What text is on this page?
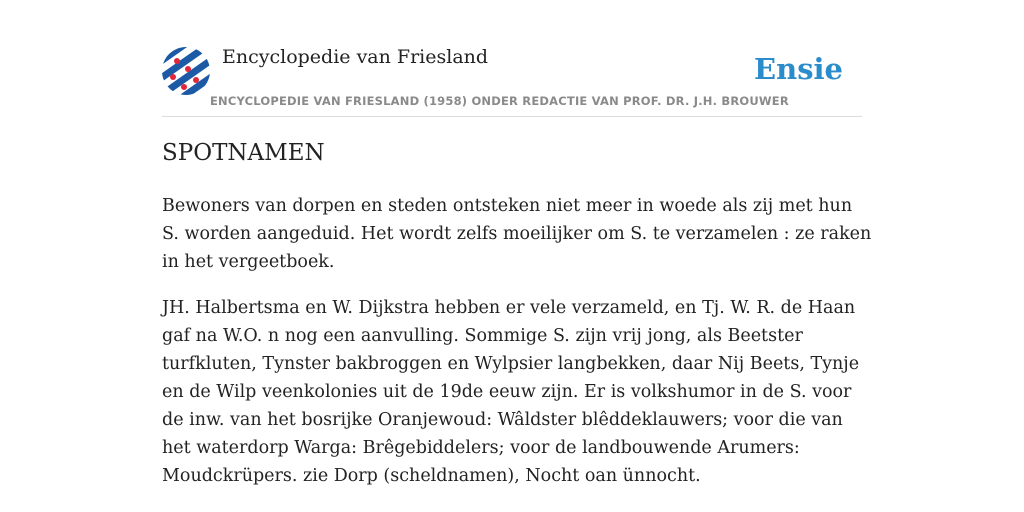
Encyclopedie van Friesland
ENCYCLOPEDIE VAN FRIESLAND (1958) ONDER REDACTIE VAN PROF. DR. J.H. BROUWER
Ensie
SPOTNAMEN

Bewoners van dorpen en steden ontsteken niet meer in woede als zij met hun S. worden aangeduid. Het wordt zelfs moeilijker om S. te verzamelen : ze raken in het vergeetboek.

JH. Halbertsma en W. Dijkstra hebben er vele verzameld, en Tj. W. R. de Haan gaf na W.O. n nog een aanvulling. Sommige S. zijn vrij jong, als Beetster turfkluten, Tynster bakbroggen en Wylpsier langbekken, daar Nij Beets, Tynje en de Wilp veenkolonies uit de 19de eeuw zijn. Er is volkshumor in de S. voor de inw. van het bosrijke Oranjewoud: Wâldster blêddeklauwers; voor die van het waterdorp Warga: Brêgebiddelers; voor de landbouwende Arumers: Moudckrüpers. zie Dorp (scheldnamen), Nocht oan ünnocht.
